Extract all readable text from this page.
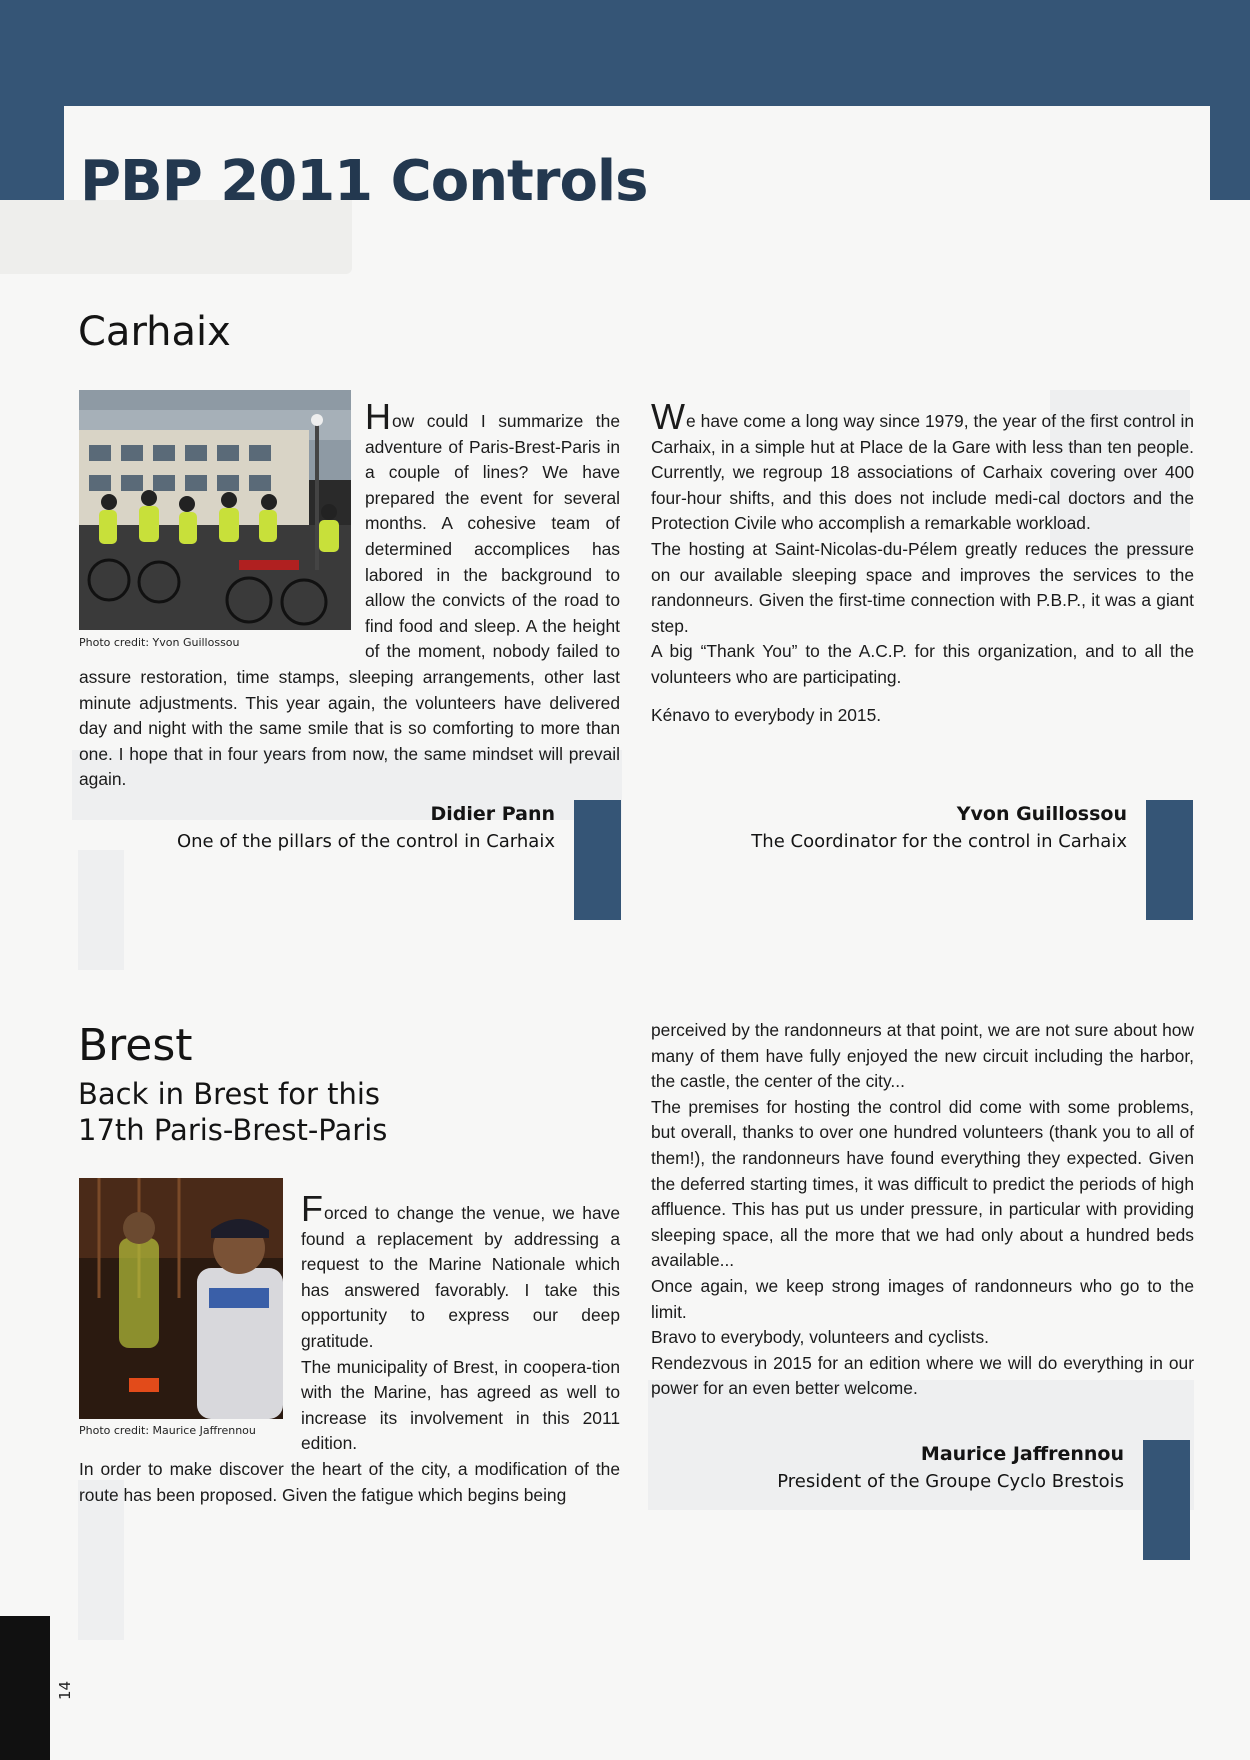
PBP 2011 Controls
Carhaix
Photo credit: Yvon Guillossou

How could I summarize the adventure of Paris-Brest-Paris in a couple of lines? We have prepared the event for several months. A cohesive team of determined accomplices has labored in the background to allow the convicts of the road to find food and sleep. A the height of the moment, nobody failed to assure restoration, time stamps, sleeping arrangements, other last minute adjustments. This year again, the volunteers have delivered day and night with the same smile that is so comforting to more than one. I hope that in four years from now, the same mindset will prevail again.

Didier Pann
One of the pillars of the control in Carhaix

We have come a long way since 1979, the year of the first control in Carhaix, in a simple hut at Place de la Gare with less than ten people. Currently, we regroup 18 associations of Carhaix covering over 400 four-hour shifts, and this does not include medi-cal doctors and the Protection Civile who accomplish a remarkable workload.

The hosting at Saint-Nicolas-du-Pélem greatly reduces the pressure on our available sleeping space and improves the services to the randonneurs. Given the first-time connection with P.B.P., it was a giant step.

A big “Thank You” to the A.C.P. for this organization, and to all the volunteers who are participating.

Kénavo to everybody in 2015.

Yvon Guillossou
The Coordinator for the control in Carhaix
Brest
Back in Brest for this
17th Paris-Brest-Paris
Photo credit: Maurice Jaffrennou

Forced to change the venue, we have found a replacement by addressing a request to the Marine Nationale which has answered favorably. I take this opportunity to express our deep gratitude.

The municipality of Brest, in coopera-tion with the Marine, has agreed as well to increase its involvement in this 2011 edition.

In order to make discover the heart of the city, a modification of the route has been proposed. Given the fatigue which begins being

perceived by the randonneurs at that point, we are not sure about how many of them have fully enjoyed the new circuit including the harbor, the castle, the center of the city...

The premises for hosting the control did come with some problems, but overall, thanks to over one hundred volunteers (thank you to all of them!), the randonneurs have found everything they expected. Given the deferred starting times, it was difficult to predict the periods of high affluence. This has put us under pressure, in particular with providing sleeping space, all the more that we had only about a hundred beds available...

Once again, we keep strong images of randonneurs who go to the limit.

Bravo to everybody, volunteers and cyclists.

Rendezvous in 2015 for an edition where we will do everything in our power for an even better welcome.

Maurice Jaffrennou
President of the Groupe Cyclo Brestois
14
